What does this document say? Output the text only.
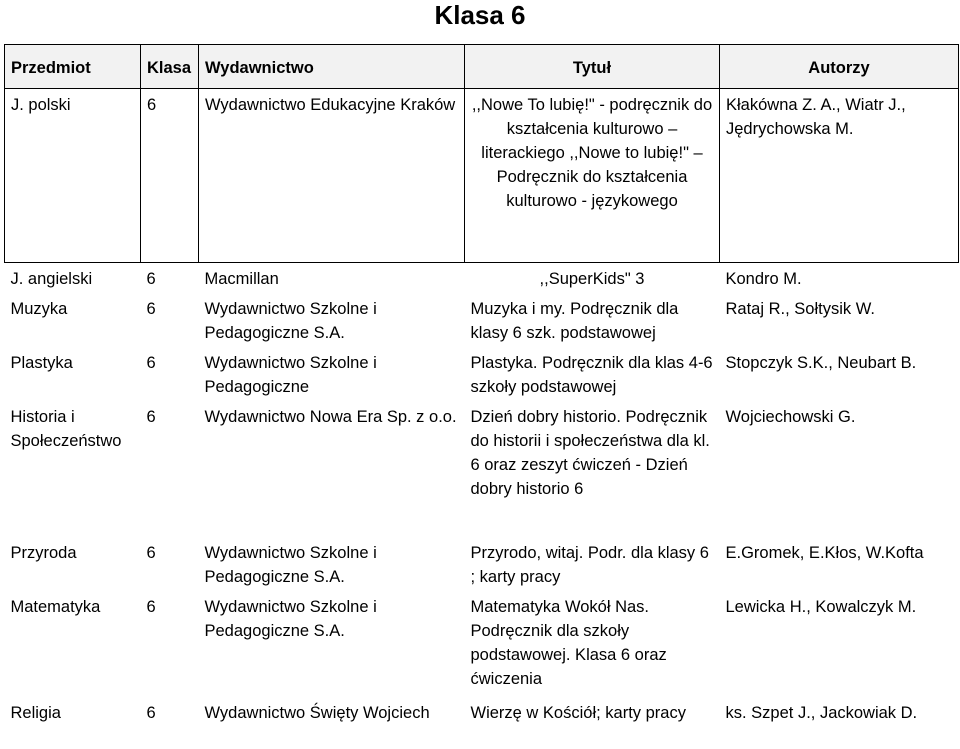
Klasa 6
Przedmiot	Klasa	Wydawnictwo	Tytuł	Autorzy
J. polski	6	Wydawnictwo Edukacyjne Kraków	,,Nowe To lubię!" - podręcznik do kształcenia kulturowo – literackiego ,,Nowe to lubię!" – Podręcznik do kształcenia kulturowo - językowego	Kłakówna Z. A., Wiatr J., Jędrychowska M.
J. angielski	6	Macmillan	,,SuperKids" 3	Kondro M.
Muzyka	6	Wydawnictwo Szkolne i Pedagogiczne S.A.	Muzyka i my. Podręcznik dla klasy 6 szk. podstawowej	Rataj R., Sołtysik W.
Plastyka	6	Wydawnictwo Szkolne i Pedagogiczne	Plastyka. Podręcznik dla klas 4-6 szkoły podstawowej	Stopczyk S.K., Neubart B.
Historia i Społeczeństwo	6	Wydawnictwo Nowa Era Sp. z o.o.	Dzień dobry historio. Podręcznik do historii i społeczeństwa dla kl. 6 oraz zeszyt ćwiczeń - Dzień dobry historio 6	Wojciechowski G.
Przyroda	6	Wydawnictwo Szkolne i Pedagogiczne S.A.	Przyrodo, witaj. Podr. dla klasy 6 ; karty pracy	E.Gromek, E.Kłos, W.Kofta
Matematyka	6	Wydawnictwo Szkolne i Pedagogiczne S.A.	Matematyka Wokół Nas. Podręcznik dla szkoły podstawowej. Klasa 6 oraz ćwiczenia	Lewicka H., Kowalczyk M.
Religia	6	Wydawnictwo Święty Wojciech	Wierzę w Kościół; karty pracy	ks. Szpet J., Jackowiak D.
